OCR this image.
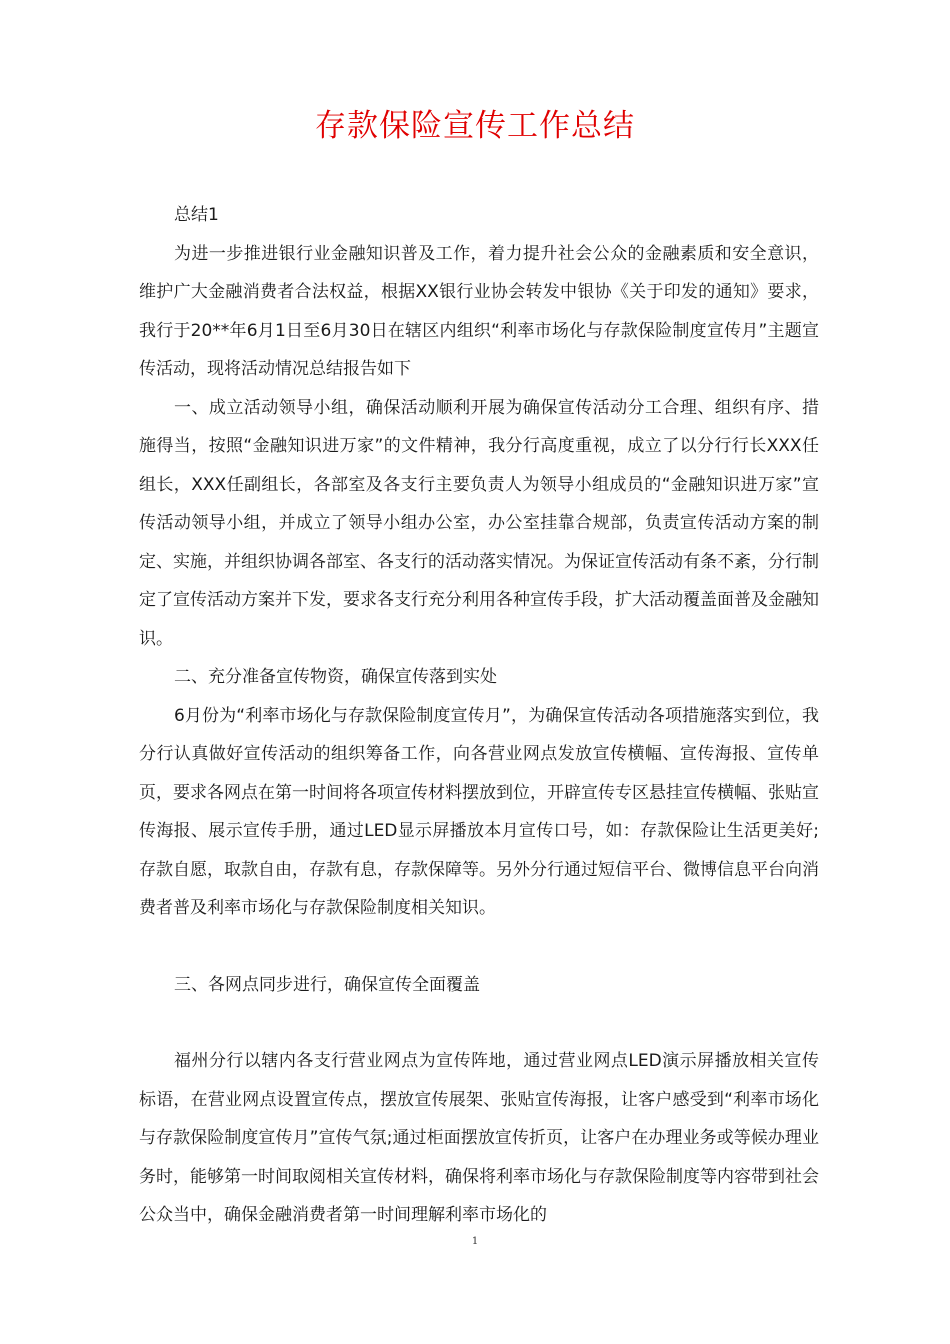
存款保险宣传工作总结

总结1

为进一步推进银行业金融知识普及工作，着力提升社会公众的金融素质和安全意识，维护广大金融消费者合法权益，根据XX银行业协会转发中银协《关于印发的通知》要求，我行于20**年6月1日至6月30日在辖区内组织“利率市场化与存款保险制度宣传月”主题宣传活动，现将活动情况总结报告如下

一、成立活动领导小组，确保活动顺利开展为确保宣传活动分工合理、组织有序、措施得当，按照“金融知识进万家”的文件精神，我分行高度重视，成立了以分行行长XXX任组长，XXX任副组长，各部室及各支行主要负责人为领导小组成员的“金融知识进万家”宣传活动领导小组，并成立了领导小组办公室，办公室挂靠合规部，负责宣传活动方案的制定、实施，并组织协调各部室、各支行的活动落实情况。为保证宣传活动有条不紊，分行制定了宣传活动方案并下发，要求各支行充分利用各种宣传手段，扩大活动覆盖面普及金融知识。

二、充分准备宣传物资，确保宣传落到实处

6月份为“利率市场化与存款保险制度宣传月”，为确保宣传活动各项措施落实到位，我分行认真做好宣传活动的组织筹备工作，向各营业网点发放宣传横幅、宣传海报、宣传单页，要求各网点在第一时间将各项宣传材料摆放到位，开辟宣传专区悬挂宣传横幅、张贴宣传海报、展示宣传手册，通过LED显示屏播放本月宣传口号，如：存款保险让生活更美好;存款自愿，取款自由，存款有息，存款保障等。另外分行通过短信平台、微博信息平台向消费者普及利率市场化与存款保险制度相关知识。

三、各网点同步进行，确保宣传全面覆盖

福州分行以辖内各支行营业网点为宣传阵地，通过营业网点LED演示屏播放相关宣传标语，在营业网点设置宣传点，摆放宣传展架、张贴宣传海报，让客户感受到“利率市场化与存款保险制度宣传月”宣传气氛;通过柜面摆放宣传折页，让客户在办理业务或等候办理业务时，能够第一时间取阅相关宣传材料，确保将利率市场化与存款保险制度等内容带到社会公众当中，确保金融消费者第一时间理解利率市场化的

1
